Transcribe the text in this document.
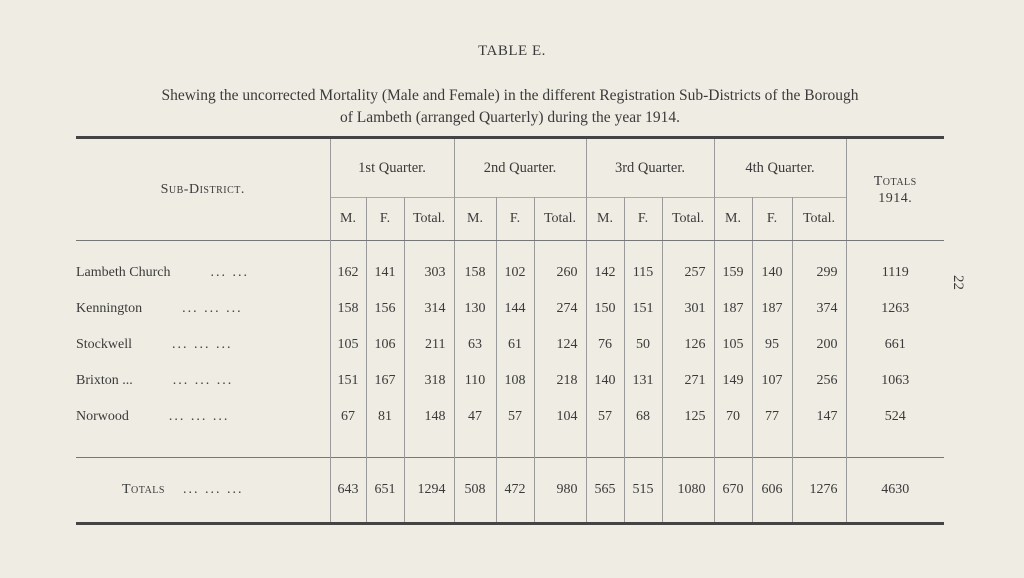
22
TABLE E.
Shewing the uncorrected Mortality (Male and Female) in the different Registration Sub-Districts of the Borough
of Lambeth (arranged Quarterly) during the year 1914.
Sub-District.	1st Quarter.			2nd Quarter.			3rd Quarter.			4th Quarter.			Totals
1914.

	M.	F.	Total.	M.	F.	Total.	M.	F.	Total.	M.	F.	Total.	

Lambeth Church ... ...	162	141	303	158	102	260	142	115	257	159	140	299	1119
Kennington ... ... ...	158	156	314	130	144	274	150	151	301	187	187	374	1263
Stockwell ... ... ...	105	106	211	63	61	124	76	50	126	105	95	200	661
Brixton ... ... ... ...	151	167	318	110	108	218	140	131	271	149	107	256	1063
Norwood ... ... ...	67	81	148	47	57	104	57	68	125	70	77	147	524

Totals ... ... ...	643	651	1294	508	472	980	565	515	1080	670	606	1276	4630
